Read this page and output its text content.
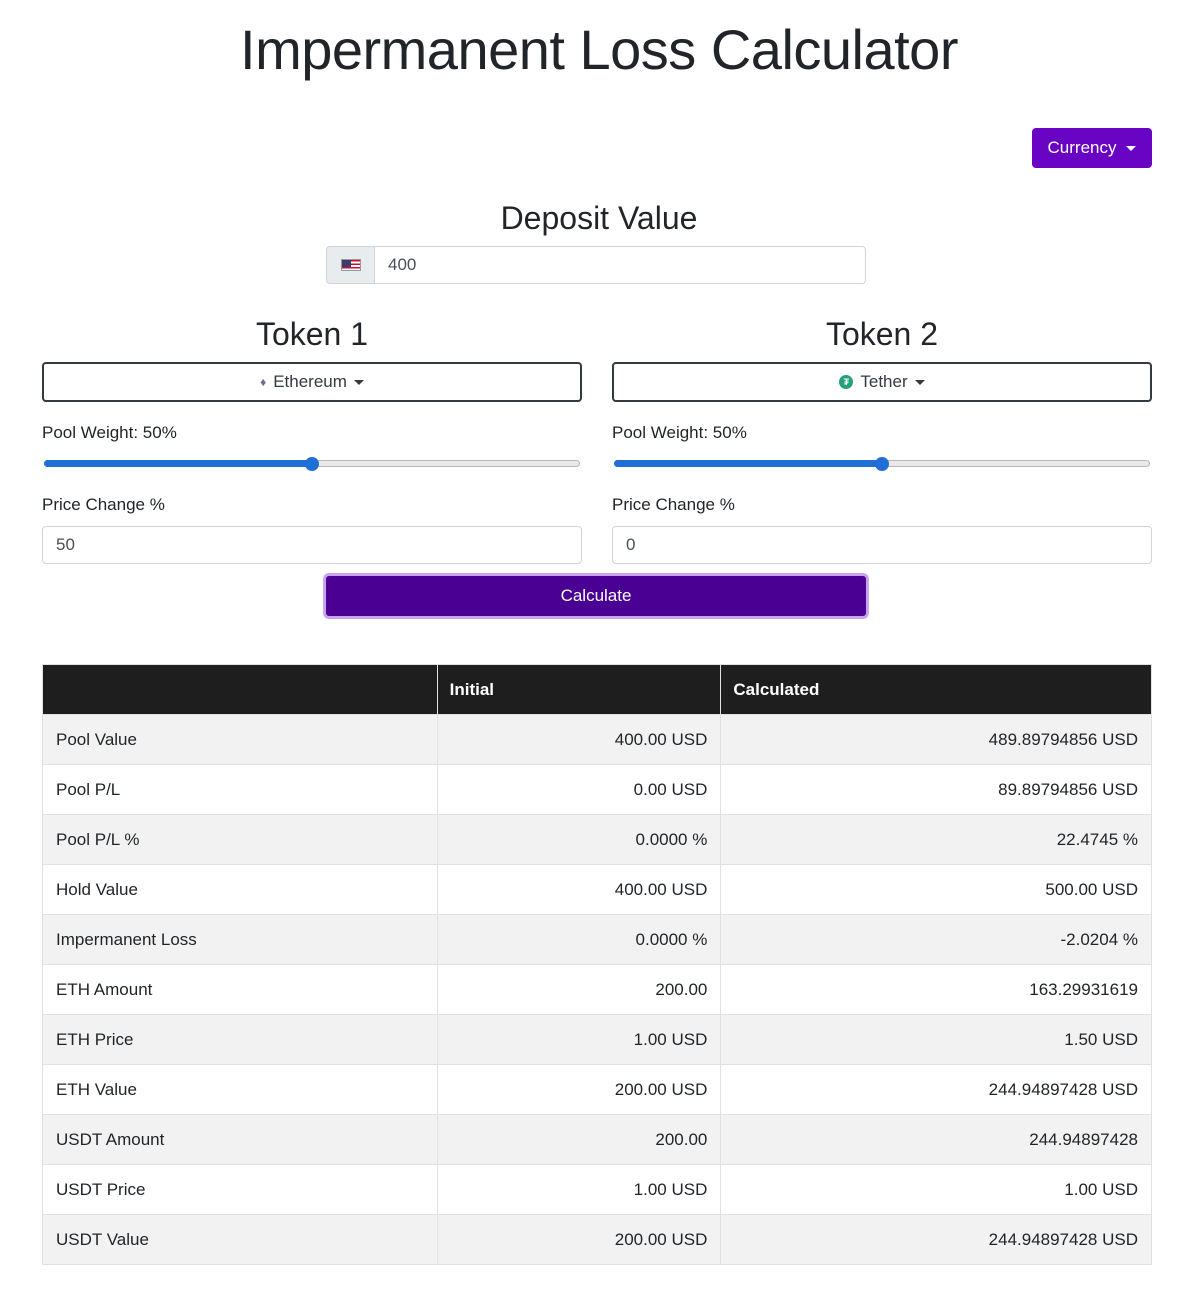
Impermanent Loss Calculator
Currency
Deposit Value
400
Token 1
♦ Ethereum
Pool Weight: 50%
Price Change %
50
Token 2
₮ Tether
Pool Weight: 50%
Price Change %
0
Calculate
	Initial	Calculated
Pool Value	400.00 USD	489.89794856 USD
Pool P/L	0.00 USD	89.89794856 USD
Pool P/L %	0.0000 %	22.4745 %
Hold Value	400.00 USD	500.00 USD
Impermanent Loss	0.0000 %	-2.0204 %
ETH Amount	200.00	163.29931619
ETH Price	1.00 USD	1.50 USD
ETH Value	200.00 USD	244.94897428 USD
USDT Amount	200.00	244.94897428
USDT Price	1.00 USD	1.00 USD
USDT Value	200.00 USD	244.94897428 USD
